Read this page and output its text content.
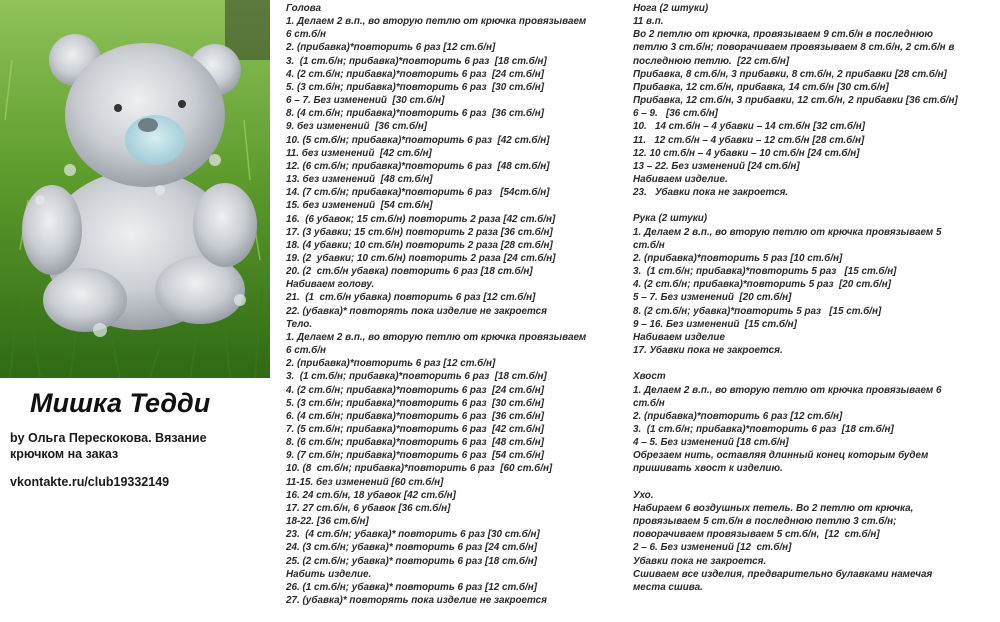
Мишка Тедди
by Ольга Перескокова. Вязание крючком на заказ
vkontakte.ru/club19332149
Голова
1. Делаем 2 в.п., во вторую петлю от крючка провязываем
6 ст.б/н
2. (прибавка)*повторить 6 раз [12 ст.б/н]
3.  (1 ст.б/н; прибавка)*повторить 6 раз  [18 ст.б/н]
4. (2 ст.б/н; прибавка)*повторить 6 раз  [24 ст.б/н]
5. (3 ст.б/н; прибавка)*повторить 6 раз  [30 ст.б/н]
6 – 7. Без изменений  [30 ст.б/н]
8. (4 ст.б/н; прибавка)*повторить 6 раз  [36 ст.б/н]
9. без изменений  [36 ст.б/н]
10. (5 ст.б/н; прибавка)*повторить 6 раз  [42 ст.б/н]
11. без изменений  [42 ст.б/н]
12. (6 ст.б/н; прибавка)*повторить 6 раз  [48 ст.б/н]
13. без изменений  [48 ст.б/н]
14. (7 ст.б/н; прибавка)*повторить 6 раз   [54ст.б/н]
15. без изменений  [54 ст.б/н]
16.  (6 убавок; 15 ст.б/н) повторить 2 раза [42 ст.б/н]
17. (3 убавки; 15 ст.б/н) повторить 2 раза [36 ст.б/н]
18. (4 убавки; 10 ст.б/н) повторить 2 раза [28 ст.б/н]
19. (2  убавки; 10 ст.б/н) повторить 2 раза [24 ст.б/н]
20. (2  ст.б/н убавка) повторить 6 раз [18 ст.б/н]
Набиваем голову.
21.  (1  ст.б/н убавка) повторить 6 раз [12 ст.б/н]
22. (убавка)* повторять пока изделие не закроется
Тело.
1. Делаем 2 в.п., во вторую петлю от крючка провязываем
6 ст.б/н
2. (прибавка)*повторить 6 раз [12 ст.б/н]
3.  (1 ст.б/н; прибавка)*повторить 6 раз  [18 ст.б/н]
4. (2 ст.б/н; прибавка)*повторить 6 раз  [24 ст.б/н]
5. (3 ст.б/н; прибавка)*повторить 6 раз  [30 ст.б/н]
6. (4 ст.б/н; прибавка)*повторить 6 раз  [36 ст.б/н]
7. (5 ст.б/н; прибавка)*повторить 6 раз  [42 ст.б/н]
8. (6 ст.б/н; прибавка)*повторить 6 раз  [48 ст.б/н]
9. (7 ст.б/н; прибавка)*повторить 6 раз  [54 ст.б/н]
10. (8  ст.б/н; прибавка)*повторить 6 раз  [60 ст.б/н]
11-15. без изменений [60 ст.б/н]
16. 24 ст.б/н, 18 убавок [42 ст.б/н]
17. 27 ст.б/н, 6 убавок [36 ст.б/н]
18-22. [36 ст.б/н]
23.  (4 ст.б/н; убавка)* повторить 6 раз [30 ст.б/н]
24. (3 ст.б/н; убавка)* повторить 6 раз [24 ст.б/н]
25. (2 ст.б/н; убавка)* повторить 6 раз [18 ст.б/н]
Набить изделие.
26. (1 ст.б/н; убавка)* повторить 6 раз [12 ст.б/н]
27. (убавка)* повторять пока изделие не закроется
Нога (2 штуки)
11 в.п.
Во 2 петлю от крючка, провязываем 9 ст.б/н в последнюю
петлю 3 ст.б/н; поворачиваем провязываем 8 ст.б/н, 2 ст.б/н в
последнюю петлю.  [22 ст.б/н]
Прибавка, 8 ст.б/н, 3 прибавки, 8 ст.б/н, 2 прибавки [28 ст.б/н]
Прибавка, 12 ст.б/н, прибавка, 14 ст.б/н [30 ст.б/н]
Прибавка, 12 ст.б/н, 3 прибавки, 12 ст.б/н, 2 прибавки [36 ст.б/н]
6 – 9.   [36 ст.б/н]
10.   14 ст.б/н – 4 убавки – 14 ст.б/н [32 ст.б/н]
11.   12 ст.б/н – 4 убавки – 12 ст.б/н [28 ст.б/н]
12. 10 ст.б/н – 4 убавки – 10 ст.б/н [24 ст.б/н]
13 – 22. Без изменений [24 ст.б/н]
Набиваем изделие.
23.   Убавки пока не закроется.
Рука (2 штуки)
1. Делаем 2 в.п., во вторую петлю от крючка провязываем 5
ст.б/н
2. (прибавка)*повторить 5 раз [10 ст.б/н]
3.  (1 ст.б/н; прибавка)*повторить 5 раз   [15 ст.б/н]
4. (2 ст.б/н; прибавка)*повторить 5 раз  [20 ст.б/н]
5 – 7. Без изменений  [20 ст.б/н]
8. (2 ст.б/н; убавка)*повторить 5 раз   [15 ст.б/н]
9 – 16. Без изменений  [15 ст.б/н]
Набиваем изделие
17. Убавки пока не закроется.
Хвост
1. Делаем 2 в.п., во вторую петлю от крючка провязываем 6
ст.б/н
2. (прибавка)*повторить 6 раз [12 ст.б/н]
3.  (1 ст.б/н; прибавка)*повторить 6 раз  [18 ст.б/н]
4 – 5. Без изменений [18 ст.б/н]
Обрезаем нить, оставляя длинный конец которым будем
пришивать хвост к изделию.
Ухо.
Набираем 6 воздушных петель. Во 2 петлю от крючка,
провязываем 5 ст.б/н в последнюю петлю 3 ст.б/н;
поворачиваем провязываем 5 ст.б/н,  [12  ст.б/н]
2 – 6. Без изменений [12  ст.б/н]
Убавки пока не закроется.
Сшиваем все изделия, предварительно булавками намечая
места сшива.
